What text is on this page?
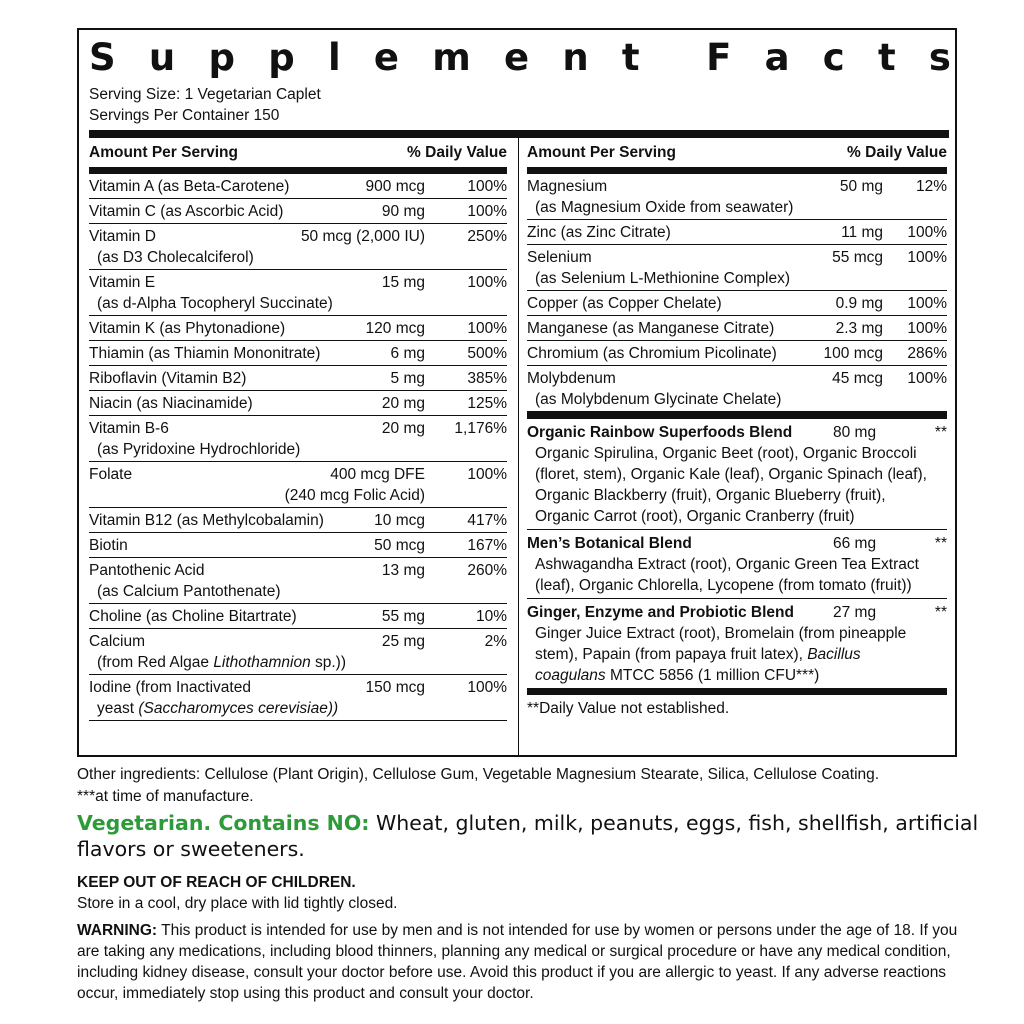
S u p p l e m e n t F a c t s
Serving Size: 1 Vegetarian Caplet
Servings Per Container 150
Amount Per Serving	% Daily Value
Vitamin A (as Beta-Carotene)	900 mcg	100%
Vitamin C (as Ascorbic Acid)	90 mg	100%
Vitamin D
(as D3 Cholecalciferol)
50 mcg (2,000 IU)	250%
Vitamin E
(as d-Alpha Tocopheryl Succinate)
15 mg	100%
Vitamin K (as Phytonadione)	120 mcg	100%
Thiamin (as Thiamin Mononitrate)	6 mg	500%
Riboflavin (Vitamin B2)	5 mg	385%
Niacin (as Niacinamide)	20 mg	125%
Vitamin B-6
(as Pyridoxine Hydrochloride)
20 mg 1,176%
Folate

(240 mcg Folic Acid)
400 mcg DFE	100%
Vitamin B12 (as Methylcobalamin)	10 mcg	417%
Biotin	50 mcg	167%
Pantothenic Acid
(as Calcium Pantothenate)
13 mg	260%
Choline (as Choline Bitartrate)	55 mg	10%
Calcium
(from Red Algae Lithothamnion sp.))
25 mg	2%
Iodine (from Inactivated
yeast (Saccharomyces cerevisiae))
150 mcg	100%
Amount Per Serving	% Daily Value
Magnesium
(as Magnesium Oxide from seawater)
50 mg 12%
Zinc (as Zinc Citrate)	11 mg 100%
Selenium
(as Selenium L-Methionine Complex)
55 mcg 100%
Copper (as Copper Chelate)	0.9 mg 100%
Manganese (as Manganese Citrate)	2.3 mg 100%
Chromium (as Chromium Picolinate)	100 mcg 286%
Molybdenum
(as Molybdenum Glycinate Chelate)
45 mcg 100%
Organic Rainbow Superfoods Blend	80 mg	**
Organic Spirulina, Organic Beet (root), Organic Broccoli
(floret, stem), Organic Kale (leaf), Organic Spinach (leaf),
Organic Blackberry (fruit), Organic Blueberry (fruit),
Organic Carrot (root), Organic Cranberry (fruit)
Men’s Botanical Blend	66 mg	**
Ashwagandha Extract (root), Organic Green Tea Extract
(leaf), Organic Chlorella, Lycopene (from tomato (fruit))
Ginger, Enzyme and Probiotic Blend	27 mg	**
Ginger Juice Extract (root), Bromelain (from pineapple
stem), Papain (from papaya fruit latex), Bacillus
coagulans MTCC 5856 (1 million CFU***)
**Daily Value not established.
Other ingredients: Cellulose (Plant Origin), Cellulose Gum, Vegetable Magnesium Stearate, Silica, Cellulose Coating.
***at time of manufacture.
Vegetarian. Contains NO: Wheat, gluten, milk, peanuts, eggs, fish, shellfish, artificial
flavors or sweeteners.
KEEP OUT OF REACH OF CHILDREN.
Store in a cool, dry place with lid tightly closed.
WARNING: This product is intended for use by men and is not intended for use by women or persons under the age of 18. If you
are taking any medications, including blood thinners, planning any medical or surgical procedure or have any medical condition,
including kidney disease, consult your doctor before use. Avoid this product if you are allergic to yeast. If any adverse reactions
occur, immediately stop using this product and consult your doctor.
